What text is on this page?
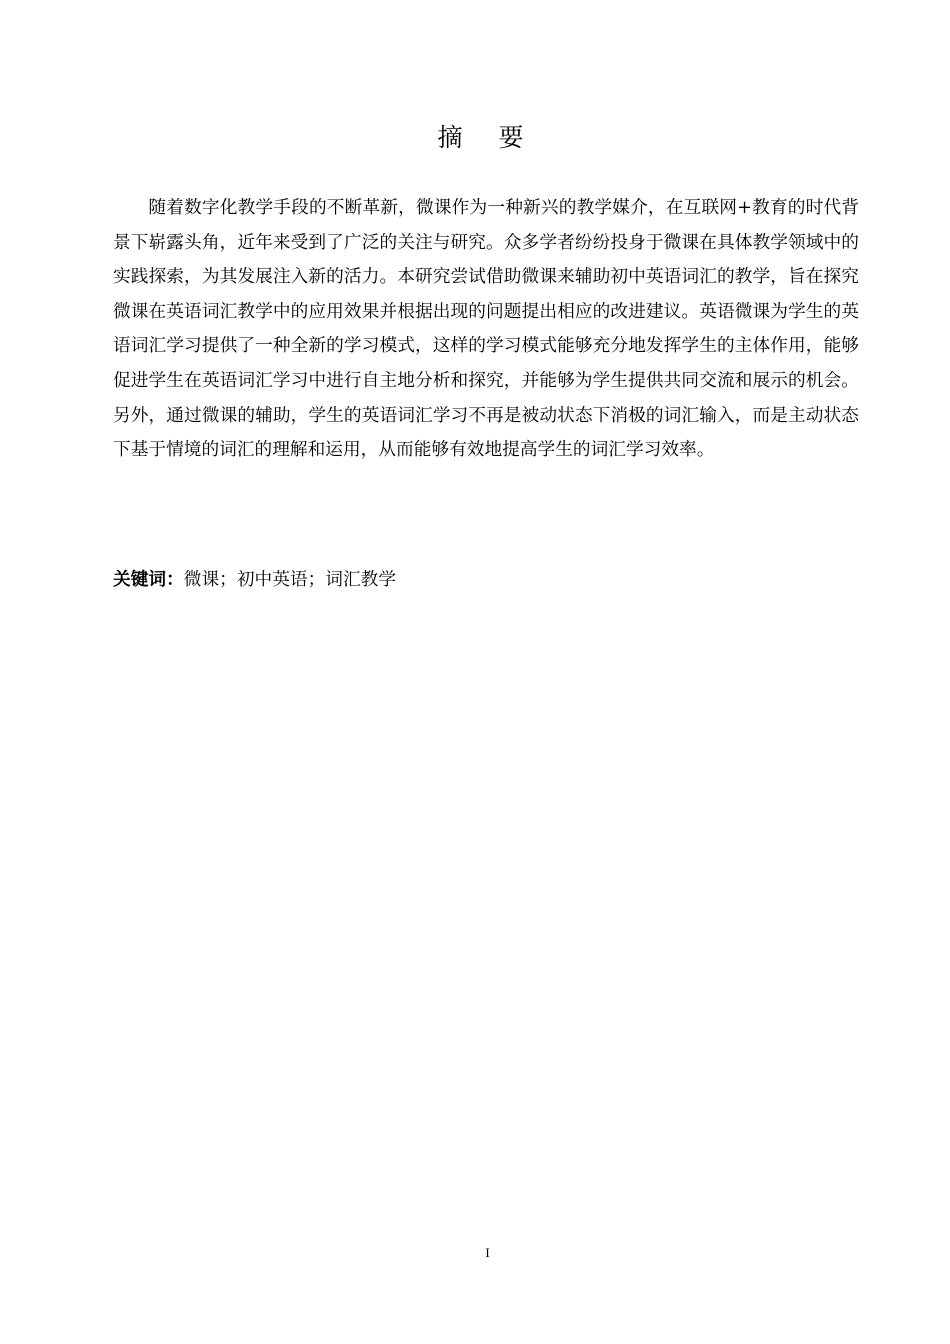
摘 要

随着数字化教学手段的不断革新，微课作为一种新兴的教学媒介，在互联网+教育的时代背景下崭露头角，近年来受到了广泛的关注与研究。众多学者纷纷投身于微课在具体教学领域中的实践探索，为其发展注入新的活力。本研究尝试借助微课来辅助初中英语词汇的教学，旨在探究微课在英语词汇教学中的应用效果并根据出现的问题提出相应的改进建议。英语微课为学生的英语词汇学习提供了一种全新的学习模式，这样的学习模式能够充分地发挥学生的主体作用，能够促进学生在英语词汇学习中进行自主地分析和探究，并能够为学生提供共同交流和展示的机会。另外，通过微课的辅助，学生的英语词汇学习不再是被动状态下消极的词汇输入，而是主动状态下基于情境的词汇的理解和运用，从而能够有效地提高学生的词汇学习效率。

关键词：微课；初中英语；词汇教学
I
